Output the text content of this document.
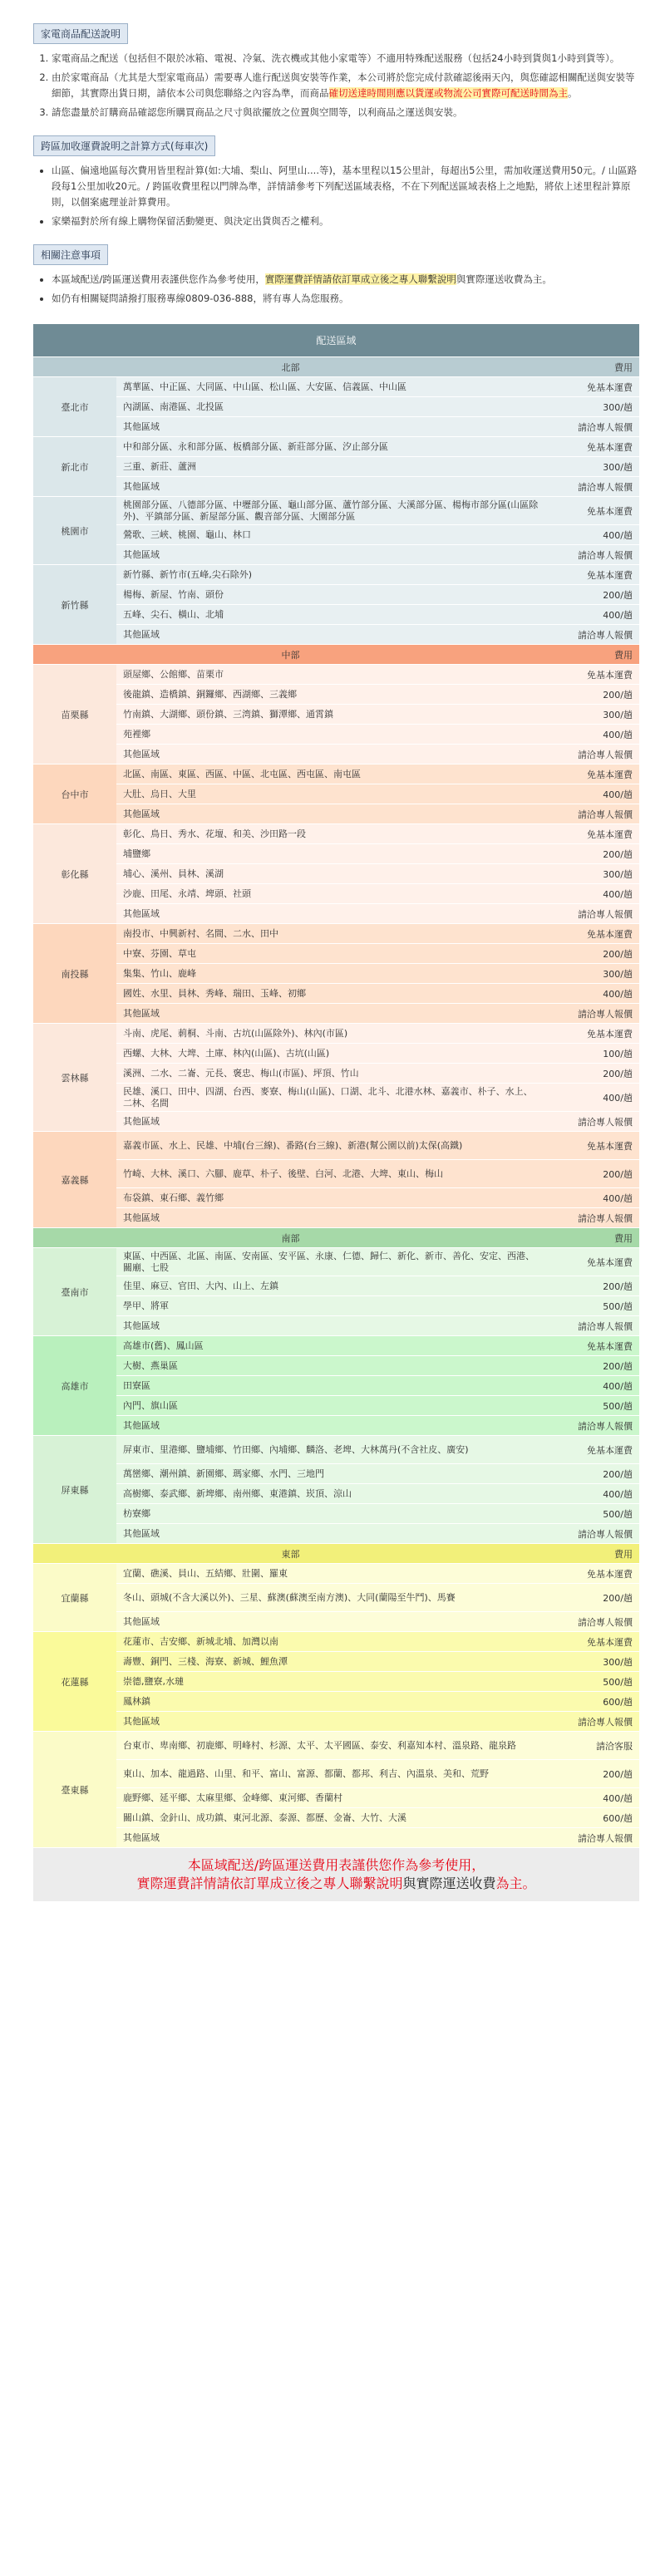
家電商品配送說明
1. 家電商品之配送（包括但不限於冰箱、電視、冷氣、洗衣機或其他小家電等）不適用特殊配送服務（包括24小時到貨與1小時到貨等）。
2. 由於家電商品（尤其是大型家電商品）需要專人進行配送與安裝等作業，本公司將於您完成付款確認後兩天內，與您確認相關配送與安裝等細節，其實際出貨日期，請依本公司與您聯絡之內容為準，而商品確切送達時間則應以貨運或物流公司實際可配送時間為主。
3. 請您盡量於訂購商品確認您所購買商品之尺寸與欲擺放之位置與空間等，以利商品之運送與安裝。
跨區加收運費說明之計算方式(每車次)
• 山區、偏遠地區每次費用皆里程計算(如:大埔、梨山、阿里山....等)，基本里程以15公里計，每超出5公里，需加收運送費用50元。/ 山區路段每1公里加收20元。/ 跨區收費里程以門牌為準，詳情請參考下列配送區域表格，不在下列配送區域表格上之地點，將依上述里程計算原則，以個案處理並計算費用。
• 家樂福對於所有線上購物保留活動變更、與決定出貨與否之權利。
相關注意事項
• 本區域配送/跨區運送費用表謹供您作為參考使用，實際運費詳情請依訂單成立後之專人聯繫說明與實際運送收費為主。
• 如仍有相關疑問請撥打服務專線0809-036-888，將有專人為您服務。
配送區域		
北部		費用
臺北市	萬華區、中正區、大同區、中山區、松山區、大安區、信義區、中山區	免基本運費
	內湖區、南港區、北投區	300/趟
	其他區域	請洽專人報價
新北市	中和部分區、永和部分區、板橋部分區、新莊部分區、汐止部分區	免基本運費
	三重、新莊、蘆洲	300/趟
	其他區域	請洽專人報價
桃園市	桃園部分區、八德部分區、中壢部分區、龜山部分區、蘆竹部分區、大溪部分區、楊梅市部分區(山區除外)、平鎮部分區、新屋部分區、觀音部分區、大園部分區	免基本運費
	鶯歌、三峽、桃園、龜山、林口	400/趟
	其他區域	請洽專人報價
新竹縣	新竹縣、新竹市(五峰,尖石除外)	免基本運費
	楊梅、新屋、竹南、頭份	200/趟
	五峰、尖石、橫山、北埔	400/趟
	其他區域	請洽專人報價
中部		費用
苗栗縣	頭屋鄉、公館鄉、苗栗市	免基本運費
	後龍鎮、造橋鎮、銅鑼鄉、西湖鄉、三義鄉	200/趟
	竹南鎮、大湖鄉、頭份鎮、三湾鎮、獅潭鄉、通霄鎮	300/趟
	苑裡鄉	400/趟
	其他區域	請洽專人報價
台中市	北區、南區、東區、西區、中區、北屯區、西屯區、南屯區	免基本運費
	大肚、烏日、大里	400/趟
	其他區域	請洽專人報價
彰化縣	彰化、鳥日、秀水、花壇、和美、沙田路一段	免基本運費
	埔鹽鄉	200/趟
	埔心、溪州、員林、溪湖	300/趟
	沙鹿、田尾、永靖、埤頭、社頭	400/趟
	其他區域	請洽專人報價
南投縣	南投市、中興新村、名間、二水、田中	免基本運費
	中寮、芬園、草屯	200/趟
	集集、竹山、鹿峰	300/趟
	國姓、水里、員林、秀峰、瑞田、玉峰、初鄉	400/趟
	其他區域	請洽專人報價
雲林縣	斗南、虎尾、莿桐、斗南、古坑(山區除外)、林內(市區)	免基本運費
	西螺、大林、大埤、土庫、林內(山區)、古坑(山區)	100/趟
	溪洲、二水、二崙、元長、褒忠、梅山(市區)、坪頂、竹山	200/趟
	民雄、溪口、田中、四湖、台西、麥寮、梅山(山區)、口湖、北斗、北港水林、嘉義市、朴子、水上、二林、名間	400/趟
	其他區域	請洽專人報價
嘉義縣	嘉義市區、水上、民雄、中埔(台三線)、番路(台三線)、新港(幫公園以前)太保(高鐵)	免基本運費
	竹崎、大林、溪口、六腳、鹿草、朴子、後壁、白河、北港、大埤、東山、梅山	200/趟
	布袋鎮、東石鄉、義竹鄉	400/趟
	其他區域	請洽專人報價
南部		費用
臺南市	東區、中西區、北區、南區、安南區、安平區、永康、仁德、歸仁、新化、新市、善化、安定、西港、關廟、七股	免基本運費
	佳里、麻豆、官田、大內、山上、左鎮	200/趟
	學甲、將軍	500/趟
	其他區域	請洽專人報價
高雄市	高雄市(舊)、鳳山區	免基本運費
	大樹、燕巢區	200/趟
	田寮區	400/趟
	內門、旗山區	500/趟
	其他區域	請洽專人報價
屏東縣	屏東市、里港鄉、鹽埔鄉、竹田鄉、內埔鄉、麟洛、老埤、大林萬丹(不含社皮、廣安)	免基本運費
	萬巒鄉、潮州鎮、新園鄉、瑪家鄉、水門、三地門	200/趟
	高樹鄉、泰武鄉、新埤鄉、南州鄉、東港鎮、崁頂、涼山	400/趟
	枋寮鄉	500/趟
	其他區域	請洽專人報價
東部		費用
宜蘭縣	宜蘭、礁溪、員山、五結鄉、壯圍、羅東	免基本運費
	冬山、頭城(不含大溪以外)、三星、蘇澳(蘇澳至南方澳)、大同(蘭陽至牛鬥)、馬賽	200/趟
	其他區域	請洽專人報價
花蓮縣	花蓮市、吉安鄉、新城北埔、加灣以南	免基本運費
	壽豐、銅門、三棧、海寮、新城、鯉魚潭	300/趟
	崇德,鹽寮,水璉	500/趟
	鳳林鎮	600/趟
	其他區域	請洽專人報價
臺東縣	台東市、卑南鄉、初鹿鄉、明峰村、杉源、太平、太平國區、泰安、利嘉知本村、溫泉路、龍泉路	請洽客服
	東山、加本、龍過路、山里、和平、富山、富源、都蘭、都邦、利吉、內溫泉、美和、荒野	200/趟
	鹿野鄉、延平鄉、太麻里鄉、金峰鄉、東河鄉、香蘭村	400/趟
	關山鎮、金針山、成功鎮、東河北源、泰源、都歷、金崙、大竹、大溪	600/趟
	其他區域	請洽專人報價
本區域配送/跨區運送費用表謹供您作為參考使用，
實際運費詳情請依訂單成立後之專人聯繫說明與實際運送收費為主。
